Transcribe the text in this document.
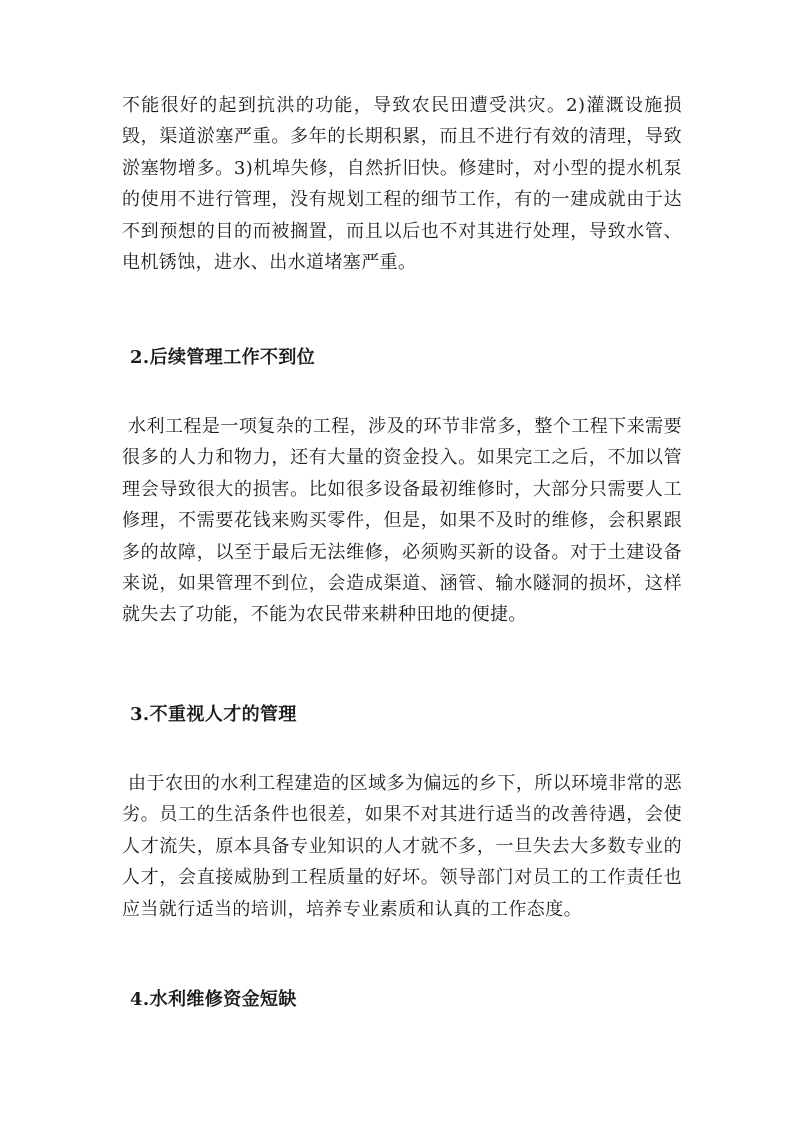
不能很好的起到抗洪的功能，导致农民田遭受洪灾。2)灌溉设施损毁，渠道淤塞严重。多年的长期积累，而且不进行有效的清理，导致淤塞物增多。3)机埠失修，自然折旧快。修建时，对小型的提水机泵的使用不进行管理，没有规划工程的细节工作，有的一建成就由于达不到预想的目的而被搁置，而且以后也不对其进行处理，导致水管、电机锈蚀，进水、出水道堵塞严重。

2.后续管理工作不到位

水利工程是一项复杂的工程，涉及的环节非常多，整个工程下来需要很多的人力和物力，还有大量的资金投入。如果完工之后，不加以管理会导致很大的损害。比如很多设备最初维修时，大部分只需要人工修理，不需要花钱来购买零件，但是，如果不及时的维修，会积累跟多的故障，以至于最后无法维修，必须购买新的设备。对于土建设备来说，如果管理不到位，会造成渠道、涵管、输水隧洞的损坏，这样就失去了功能，不能为农民带来耕种田地的便捷。

3.不重视人才的管理

由于农田的水利工程建造的区域多为偏远的乡下，所以环境非常的恶劣。员工的生活条件也很差，如果不对其进行适当的改善待遇，会使人才流失，原本具备专业知识的人才就不多，一旦失去大多数专业的人才，会直接威胁到工程质量的好坏。领导部门对员工的工作责任也应当就行适当的培训，培养专业素质和认真的工作态度。

4.水利维修资金短缺
